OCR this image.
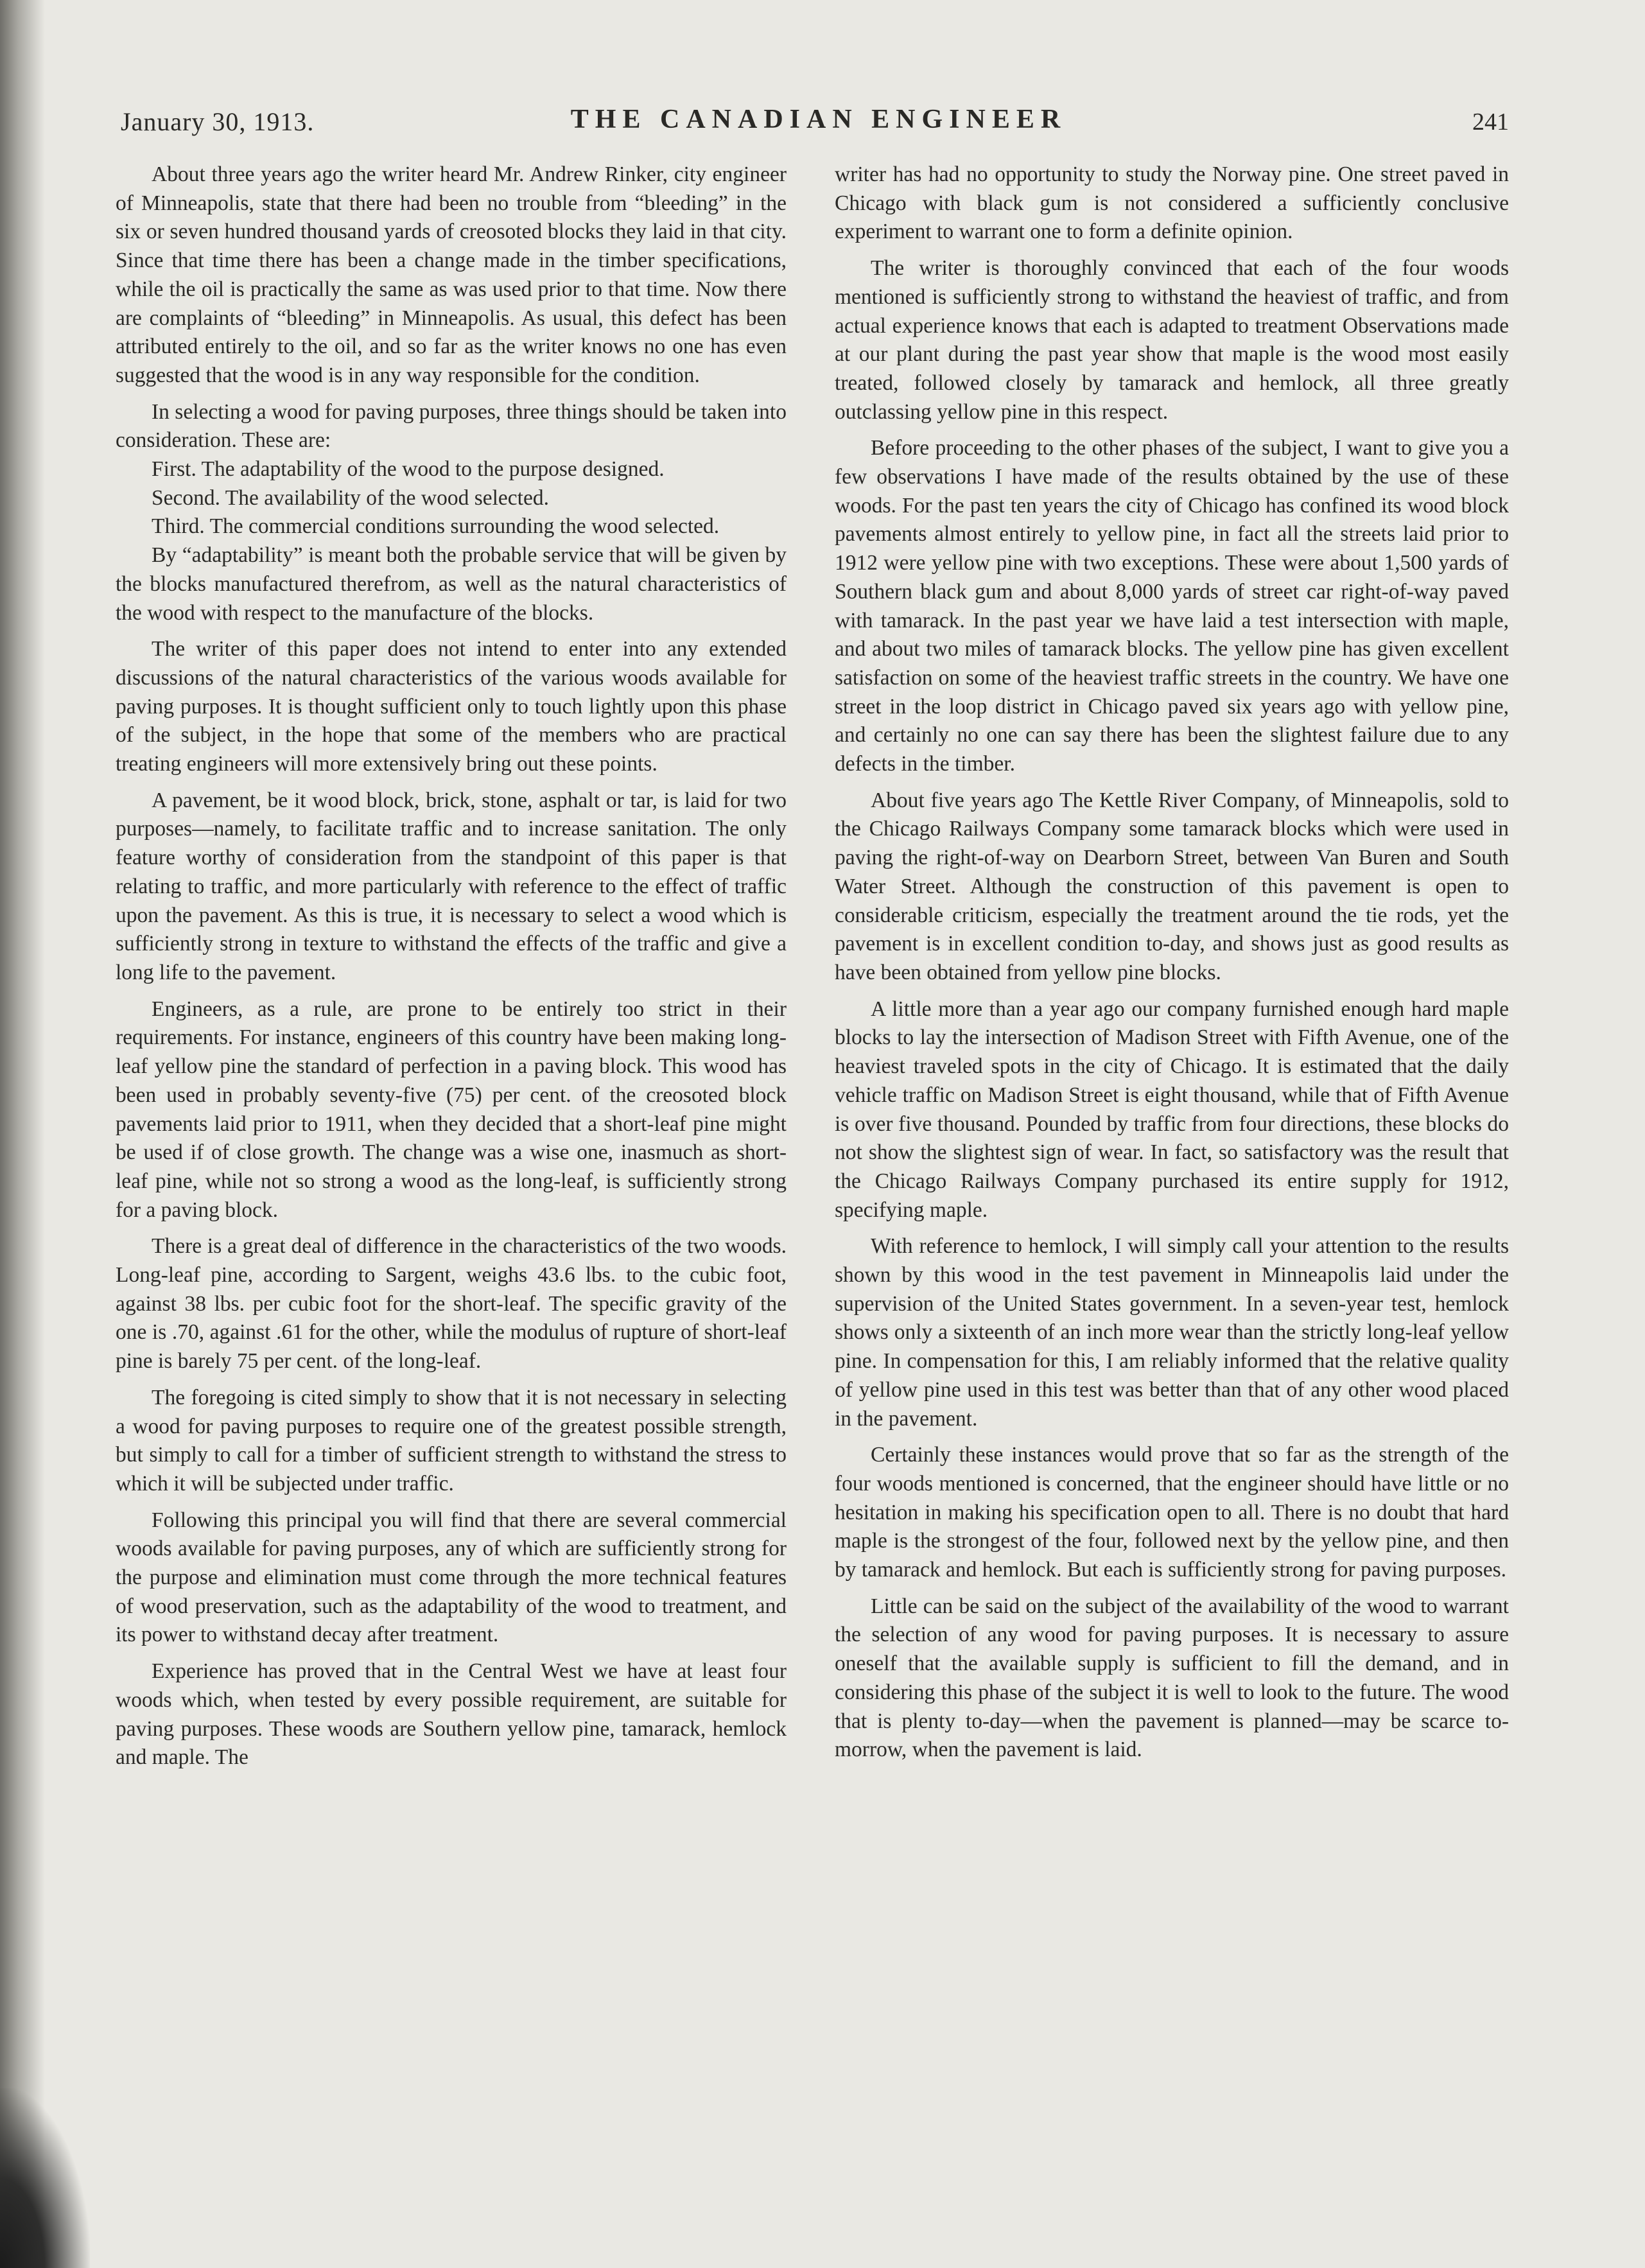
January 30, 1913.	THE CANADIAN ENGINEER	241

About three years ago the writer heard Mr. Andrew Rinker, city engineer of Minneapolis, state that there had been no trouble from “bleeding” in the six or seven hundred thousand yards of creosoted blocks they laid in that city. Since that time there has been a change made in the timber specifications, while the oil is practically the same as was used prior to that time. Now there are complaints of “bleeding” in Minneapolis. As usual, this defect has been attributed entirely to the oil, and so far as the writer knows no one has even suggested that the wood is in any way responsible for the condition.

In selecting a wood for paving purposes, three things should be taken into consideration. These are:

First. The adaptability of the wood to the purpose designed.

Second. The availability of the wood selected.

Third. The commercial conditions surrounding the wood selected.

By “adaptability” is meant both the probable service that will be given by the blocks manufactured therefrom, as well as the natural characteristics of the wood with respect to the manufacture of the blocks.

The writer of this paper does not intend to enter into any extended discussions of the natural characteristics of the various woods available for paving purposes. It is thought sufficient only to touch lightly upon this phase of the subject, in the hope that some of the members who are practical treating engineers will more extensively bring out these points.

A pavement, be it wood block, brick, stone, asphalt or tar, is laid for two purposes—namely, to facilitate traffic and to increase sanitation. The only feature worthy of consideration from the standpoint of this paper is that relating to traffic, and more particularly with reference to the effect of traffic upon the pavement. As this is true, it is necessary to select a wood which is sufficiently strong in texture to withstand the effects of the traffic and give a long life to the pavement.

Engineers, as a rule, are prone to be entirely too strict in their requirements. For instance, engineers of this country have been making long-leaf yellow pine the standard of perfection in a paving block. This wood has been used in probably seventy-five (75) per cent. of the creosoted block pavements laid prior to 1911, when they decided that a short-leaf pine might be used if of close growth. The change was a wise one, inasmuch as short-leaf pine, while not so strong a wood as the long-leaf, is sufficiently strong for a paving block.

There is a great deal of difference in the characteristics of the two woods. Long-leaf pine, according to Sargent, weighs 43.6 lbs. to the cubic foot, against 38 lbs. per cubic foot for the short-leaf. The specific gravity of the one is .70, against .61 for the other, while the modulus of rupture of short-leaf pine is barely 75 per cent. of the long-leaf.

The foregoing is cited simply to show that it is not necessary in selecting a wood for paving purposes to require one of the greatest possible strength, but simply to call for a timber of sufficient strength to withstand the stress to which it will be subjected under traffic.

Following this principal you will find that there are several commercial woods available for paving purposes, any of which are sufficiently strong for the purpose and elimination must come through the more technical features of wood preservation, such as the adaptability of the wood to treatment, and its power to withstand decay after treatment.

Experience has proved that in the Central West we have at least four woods which, when tested by every possible requirement, are suitable for paving purposes. These woods are Southern yellow pine, tamarack, hemlock and maple. The

writer has had no opportunity to study the Norway pine. One street paved in Chicago with black gum is not considered a sufficiently conclusive experiment to warrant one to form a definite opinion.

The writer is thoroughly convinced that each of the four woods mentioned is sufficiently strong to withstand the heaviest of traffic, and from actual experience knows that each is adapted to treatment Observations made at our plant during the past year show that maple is the wood most easily treated, followed closely by tamarack and hemlock, all three greatly outclassing yellow pine in this respect.

Before proceeding to the other phases of the subject, I want to give you a few observations I have made of the results obtained by the use of these woods. For the past ten years the city of Chicago has confined its wood block pavements almost entirely to yellow pine, in fact all the streets laid prior to 1912 were yellow pine with two exceptions. These were about 1,500 yards of Southern black gum and about 8,000 yards of street car right-of-way paved with tamarack. In the past year we have laid a test intersection with maple, and about two miles of tamarack blocks. The yellow pine has given excellent satisfaction on some of the heaviest traffic streets in the country. We have one street in the loop district in Chicago paved six years ago with yellow pine, and certainly no one can say there has been the slightest failure due to any defects in the timber.

About five years ago The Kettle River Company, of Minneapolis, sold to the Chicago Railways Company some tamarack blocks which were used in paving the right-of-way on Dearborn Street, between Van Buren and South Water Street. Although the construction of this pavement is open to considerable criticism, especially the treatment around the tie rods, yet the pavement is in excellent condition to-day, and shows just as good results as have been obtained from yellow pine blocks.

A little more than a year ago our company furnished enough hard maple blocks to lay the intersection of Madison Street with Fifth Avenue, one of the heaviest traveled spots in the city of Chicago. It is estimated that the daily vehicle traffic on Madison Street is eight thousand, while that of Fifth Avenue is over five thousand. Pounded by traffic from four directions, these blocks do not show the slightest sign of wear. In fact, so satisfactory was the result that the Chicago Railways Company purchased its entire supply for 1912, specifying maple.

With reference to hemlock, I will simply call your attention to the results shown by this wood in the test pavement in Minneapolis laid under the supervision of the United States government. In a seven-year test, hemlock shows only a sixteenth of an inch more wear than the strictly long-leaf yellow pine. In compensation for this, I am reliably informed that the relative quality of yellow pine used in this test was better than that of any other wood placed in the pavement.

Certainly these instances would prove that so far as the strength of the four woods mentioned is concerned, that the engineer should have little or no hesitation in making his specification open to all. There is no doubt that hard maple is the strongest of the four, followed next by the yellow pine, and then by tamarack and hemlock. But each is sufficiently strong for paving purposes.

Little can be said on the subject of the availability of the wood to warrant the selection of any wood for paving purposes. It is necessary to assure oneself that the available supply is sufficient to fill the demand, and in considering this phase of the subject it is well to look to the future. The wood that is plenty to-day—when the pavement is planned—may be scarce to-morrow, when the pavement is laid.
